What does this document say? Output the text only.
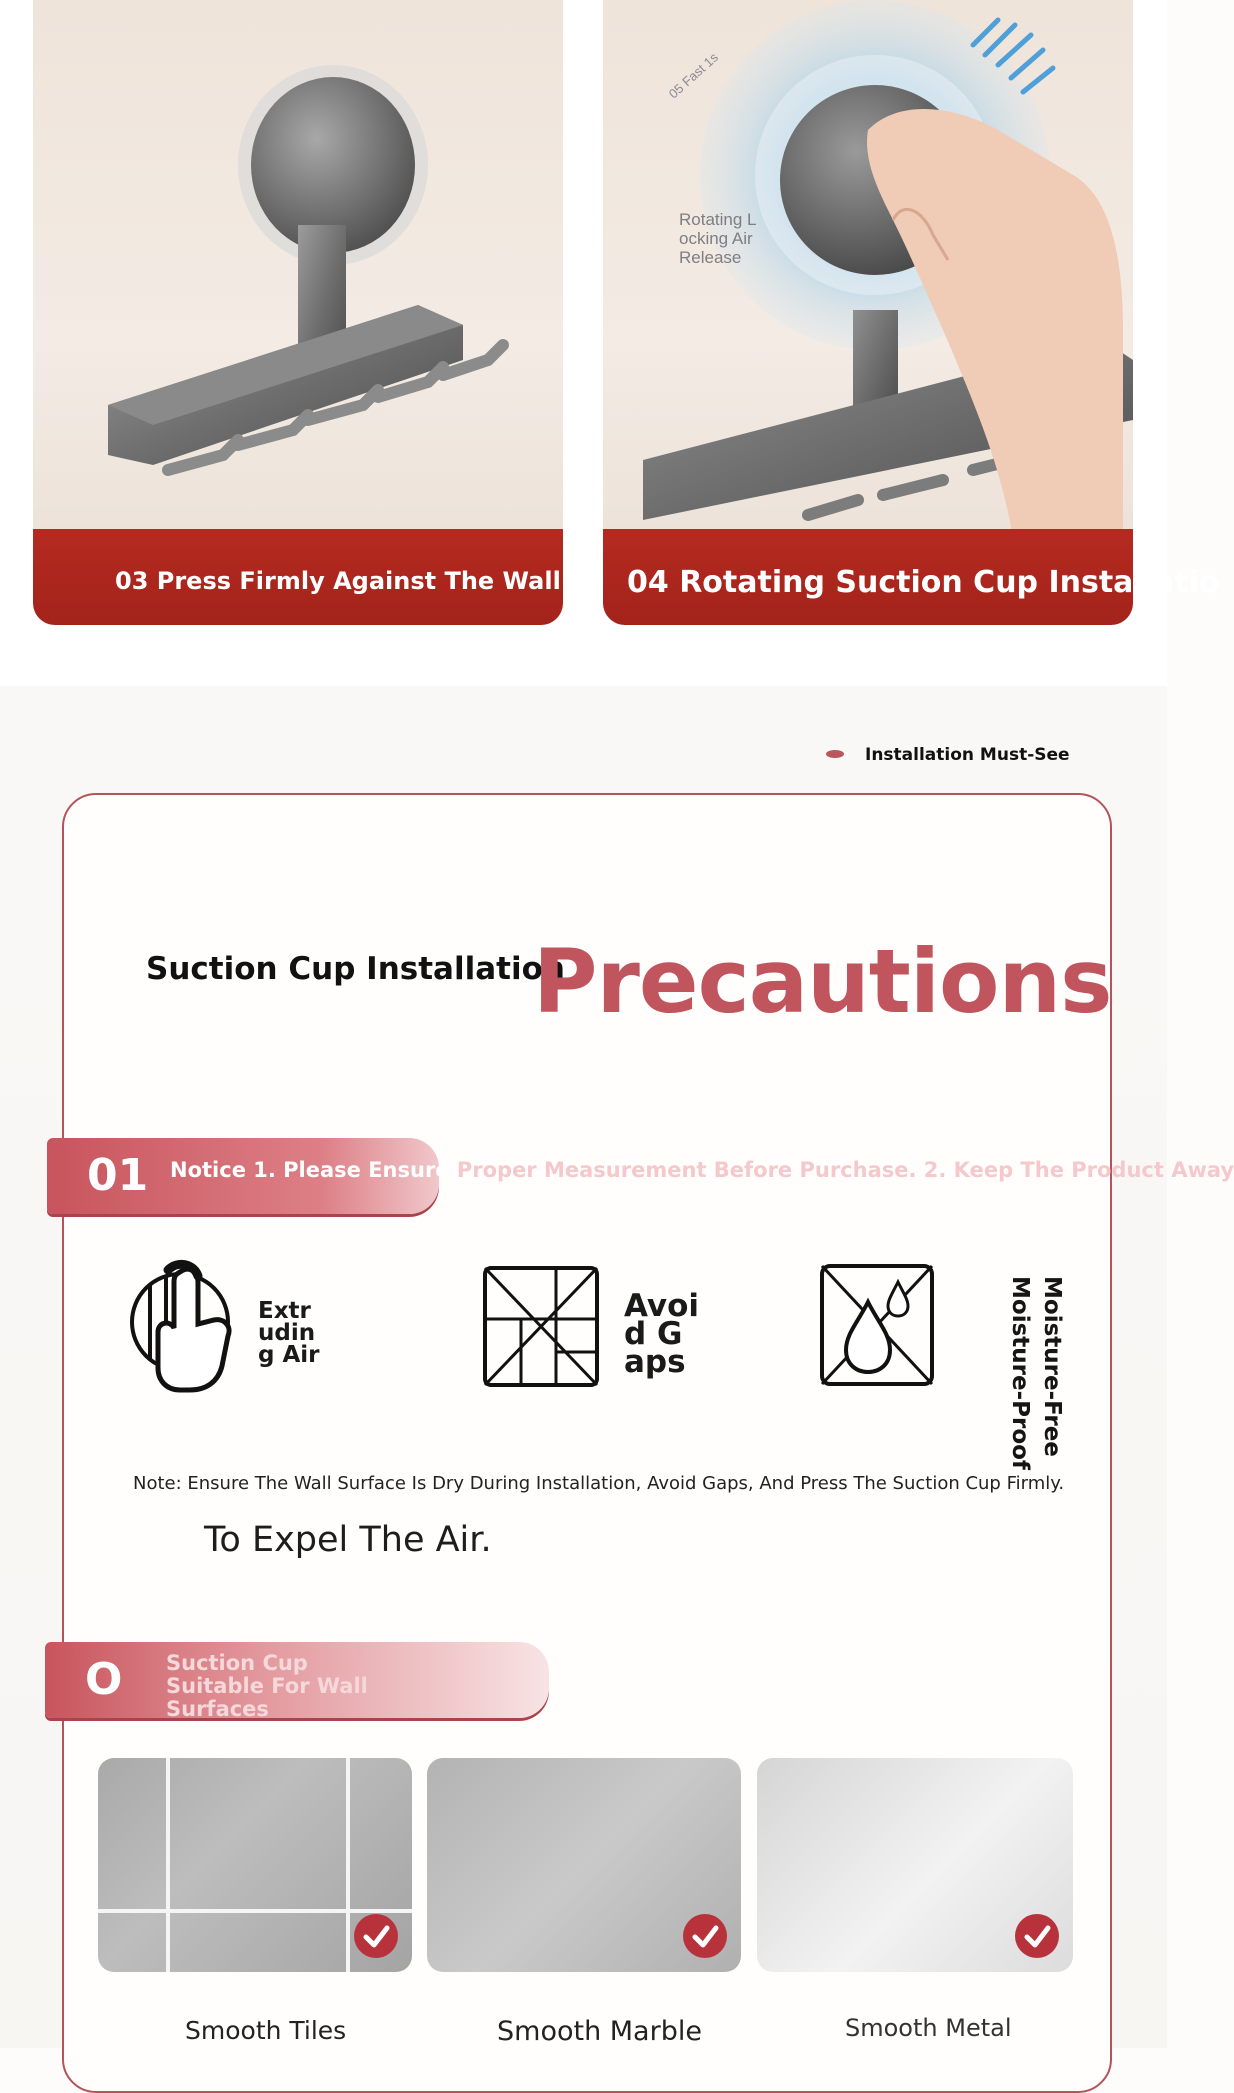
03 Press Firmly Against The Wall
Rotating L ocking Air Release
05 Fast 1s
04 Rotating Suction Cup Installatio
Installation Must-See
Suction Cup Installation
Precautions
01 Notice 1. Please Ensure Proper Measurement Before Purchase. 2. Keep The Product Away
Extruding Air
Avoid Gaps	Moisture-Free
Moisture-Proof
Note: Ensure The Wall Surface Is Dry During Installation, Avoid Gaps, And Press The Suction Cup Firmly.
To Expel The Air.
O Suction Cup Suitable For Wall Surfaces
Smooth Tiles	Smooth Marble	Smooth Metal
